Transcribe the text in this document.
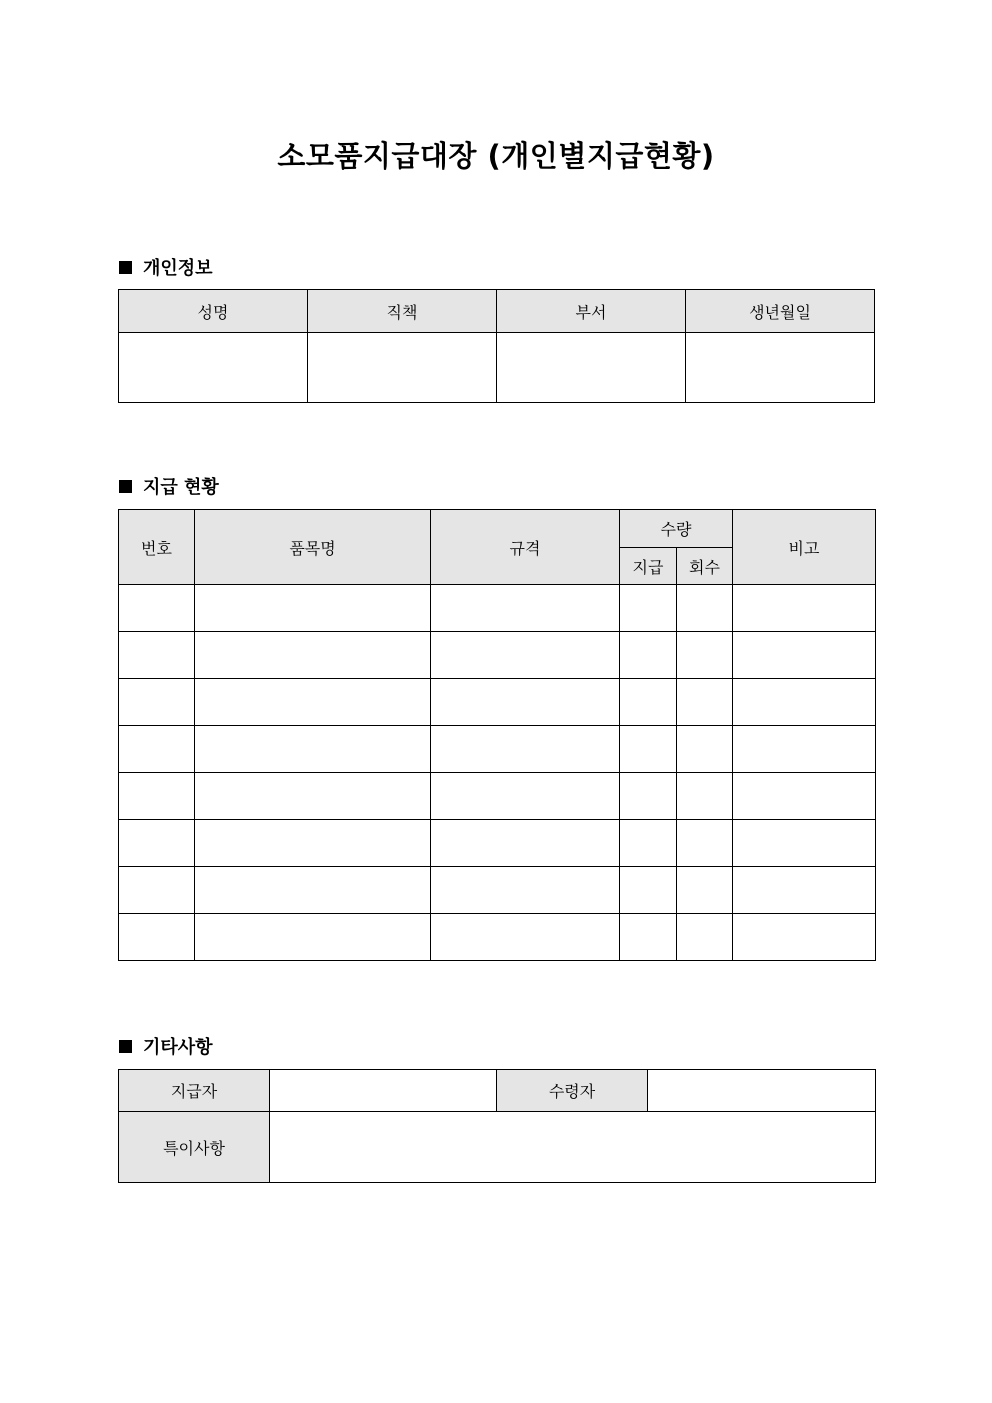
소모품지급대장 (개인별지급현황)
개인정보
성명	직책	부서	생년월일

지급 현황
번호	품목명	규격	수량		비고
			지급	회수	

기타사항
지급자		수령자	
특이사항			
